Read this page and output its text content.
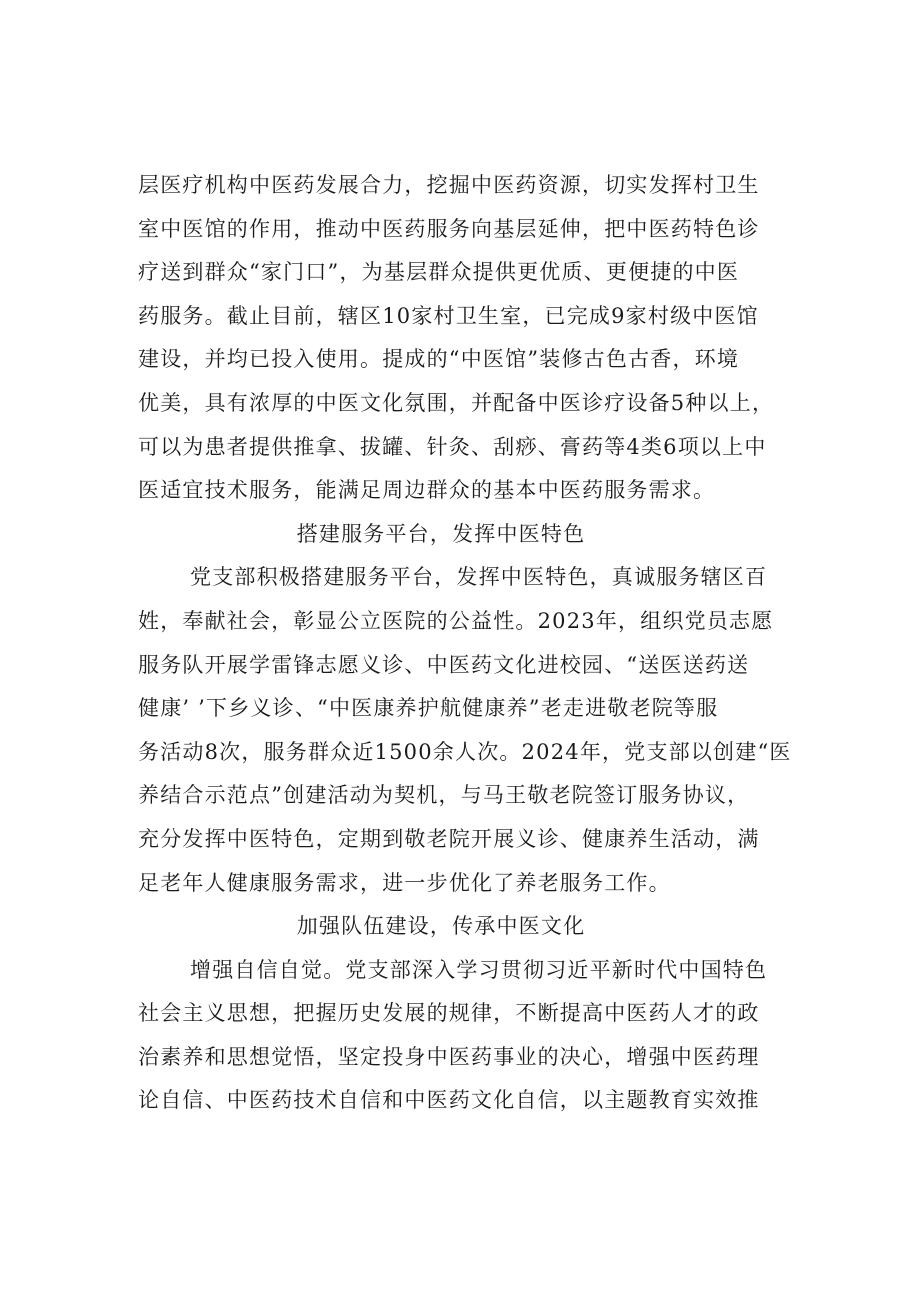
层医疗机构中医药发展合力，挖掘中医药资源，切实发挥村卫生
室中医馆的作用，推动中医药服务向基层延伸，把中医药特色诊
疗送到群众“家门口”，为基层群众提供更优质、更便捷的中医
药服务。截止目前，辖区10家村卫生室，已完成9家村级中医馆
建设，并均已投入使用。提成的“中医馆”装修古色古香，环境
优美，具有浓厚的中医文化氛围，并配备中医诊疗设备5种以上，
可以为患者提供推拿、拔罐、针灸、刮痧、膏药等4类6项以上中
医适宜技术服务，能满足周边群众的基本中医药服务需求。
搭建服务平台，发挥中医特色
党支部积极搭建服务平台，发挥中医特色，真诚服务辖区百
姓，奉献社会，彰显公立医院的公益性。2023年，组织党员志愿
服务队开展学雷锋志愿义诊、中医药文化进校园、“送医送药送
健康’ ’下乡义诊、“中医康养护航健康养”老走进敬老院等服
务活动8次，服务群众近1500余人次。2024年，党支部以创建“医
养结合示范点”创建活动为契机，与马王敬老院签订服务协议，
充分发挥中医特色，定期到敬老院开展义诊、健康养生活动，满
足老年人健康服务需求，进一步优化了养老服务工作。
加强队伍建设，传承中医文化
增强自信自觉。党支部深入学习贯彻习近平新时代中国特色
社会主义思想，把握历史发展的规律，不断提高中医药人才的政
治素养和思想觉悟，坚定投身中医药事业的决心，增强中医药理
论自信、中医药技术自信和中医药文化自信，以主题教育实效推
